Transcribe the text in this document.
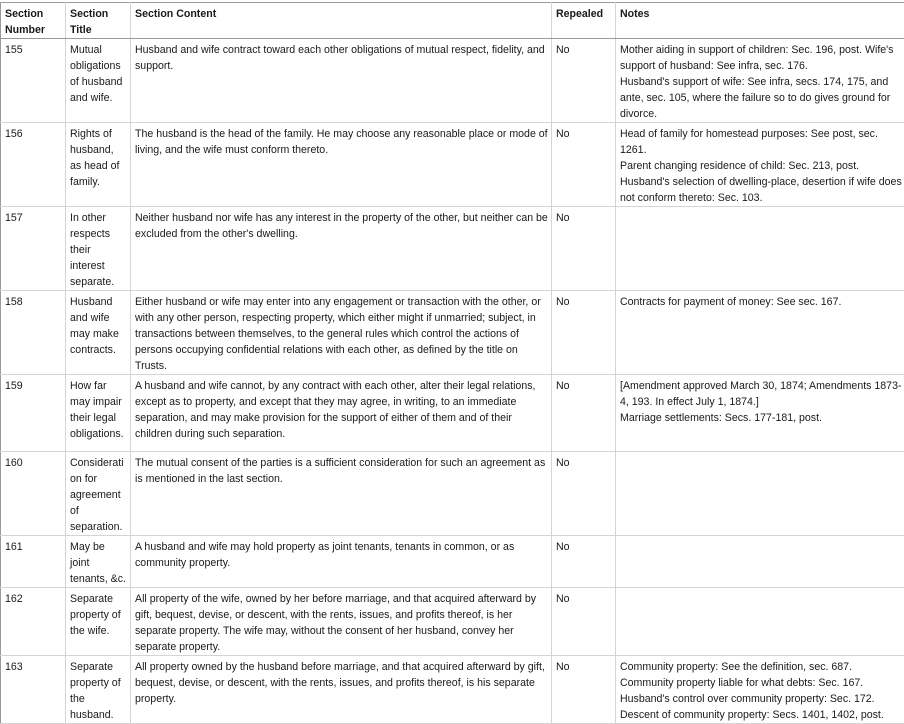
Section Number	Section Title	Section Content	Repealed	Notes
155	Mutual obligations of husband and wife.	Husband and wife contract toward each other obligations of mutual respect, fidelity, and support.	No	Mother aiding in support of children: Sec. 196, post. Wife's support of husband: See infra, sec. 176.
Husband's support of wife: See infra, secs. 174, 175, and ante, sec. 105, where the failure so to do gives ground for divorce.

156	Rights of husband, as head of family.	The husband is the head of the family. He may choose any reasonable place or mode of living, and the wife must conform thereto.	No	Head of family for homestead purposes: See post, sec. 1261.
Parent changing residence of child: Sec. 213, post.
Husband's selection of dwelling-place, desertion if wife does not conform thereto: Sec. 103.

157	In other respects their interest separate.	Neither husband nor wife has any interest in the property of the other, but neither can be excluded from the other's dwelling.	No	
158	Husband and wife may make contracts.	Either husband or wife may enter into any engagement or transaction with the other, or with any other person, respecting property, which either might if unmarried; subject, in transactions between themselves, to the general rules which control the actions of persons occupying confidential relations with each other, as defined by the title on Trusts.	No	Contracts for payment of money: See sec. 167.

159	How far may impair their legal obligations.	A husband and wife cannot, by any contract with each other, alter their legal relations, except as to property, and except that they may agree, in writing, to an immediate separation, and may make provision for the support of either of them and of their children during such separation.	No	[Amendment approved March 30, 1874; Amendments 1873-4, 193. In effect July 1, 1874.]
Marriage settlements: Secs. 177-181, post.

160	Consideration for agreement of separation.	The mutual consent of the parties is a sufficient consideration for such an agreement as is mentioned in the last section.	No	
161	May be joint tenants, &c.	A husband and wife may hold property as joint tenants, tenants in common, or as community property.	No	
162	Separate property of the wife.	All property of the wife, owned by her before marriage, and that acquired afterward by gift, bequest, devise, or descent, with the rents, issues, and profits thereof, is her separate property. The wife may, without the consent of her husband, convey her separate property.	No	
163	Separate property of the husband.	All property owned by the husband before marriage, and that acquired afterward by gift, bequest, devise, or descent, with the rents, issues, and profits thereof, is his separate property.	No	Community property: See the definition, sec. 687.
Community property liable for what debts: Sec. 167.
Husband's control over community property: Sec. 172.
Descent of community property: Secs. 1401, 1402, post.
